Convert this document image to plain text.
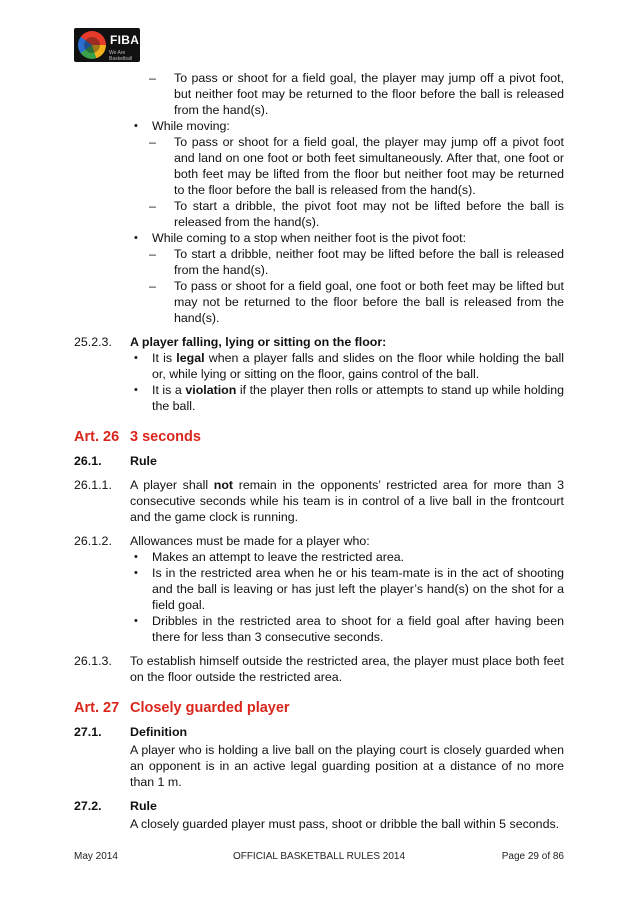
FIBA
We Are Basketball
– To pass or shoot for a field goal, the player may jump off a pivot foot, but neither foot may be returned to the floor before the ball is released from the hand(s).
• While moving:
– To pass or shoot for a field goal, the player may jump off a pivot foot and land on one foot or both feet simultaneously. After that, one foot or both feet may be lifted from the floor but neither foot may be returned to the floor before the ball is released from the hand(s).
– To start a dribble, the pivot foot may not be lifted before the ball is released from the hand(s).
• While coming to a stop when neither foot is the pivot foot:
– To start a dribble, neither foot may be lifted before the ball is released from the hand(s).
– To pass or shoot for a field goal, one foot or both feet may be lifted but may not be returned to the floor before the ball is released from the hand(s).
25.2.3. A player falling, lying or sitting on the floor:
• It is legal when a player falls and slides on the floor while holding the ball or, while lying or sitting on the floor, gains control of the ball.
• It is a violation if the player then rolls or attempts to stand up while holding the ball.
Art. 26 3 seconds
26.1. Rule
26.1.1. A player shall not remain in the opponents’ restricted area for more than 3 consecutive seconds while his team is in control of a live ball in the frontcourt and the game clock is running.
26.1.2. Allowances must be made for a player who:
• Makes an attempt to leave the restricted area.
• Is in the restricted area when he or his team-mate is in the act of shooting and the ball is leaving or has just left the player’s hand(s) on the shot for a field goal.
• Dribbles in the restricted area to shoot for a field goal after having been there for less than 3 consecutive seconds.
26.1.3. To establish himself outside the restricted area, the player must place both feet on the floor outside the restricted area.
Art. 27 Closely guarded player
27.1. Definition
A player who is holding a live ball on the playing court is closely guarded when an opponent is in an active legal guarding position at a distance of no more than 1 m.
27.2. Rule
A closely guarded player must pass, shoot or dribble the ball within 5 seconds.
May 2014	OFFICIAL BASKETBALL RULES 2014	Page 29 of 86
